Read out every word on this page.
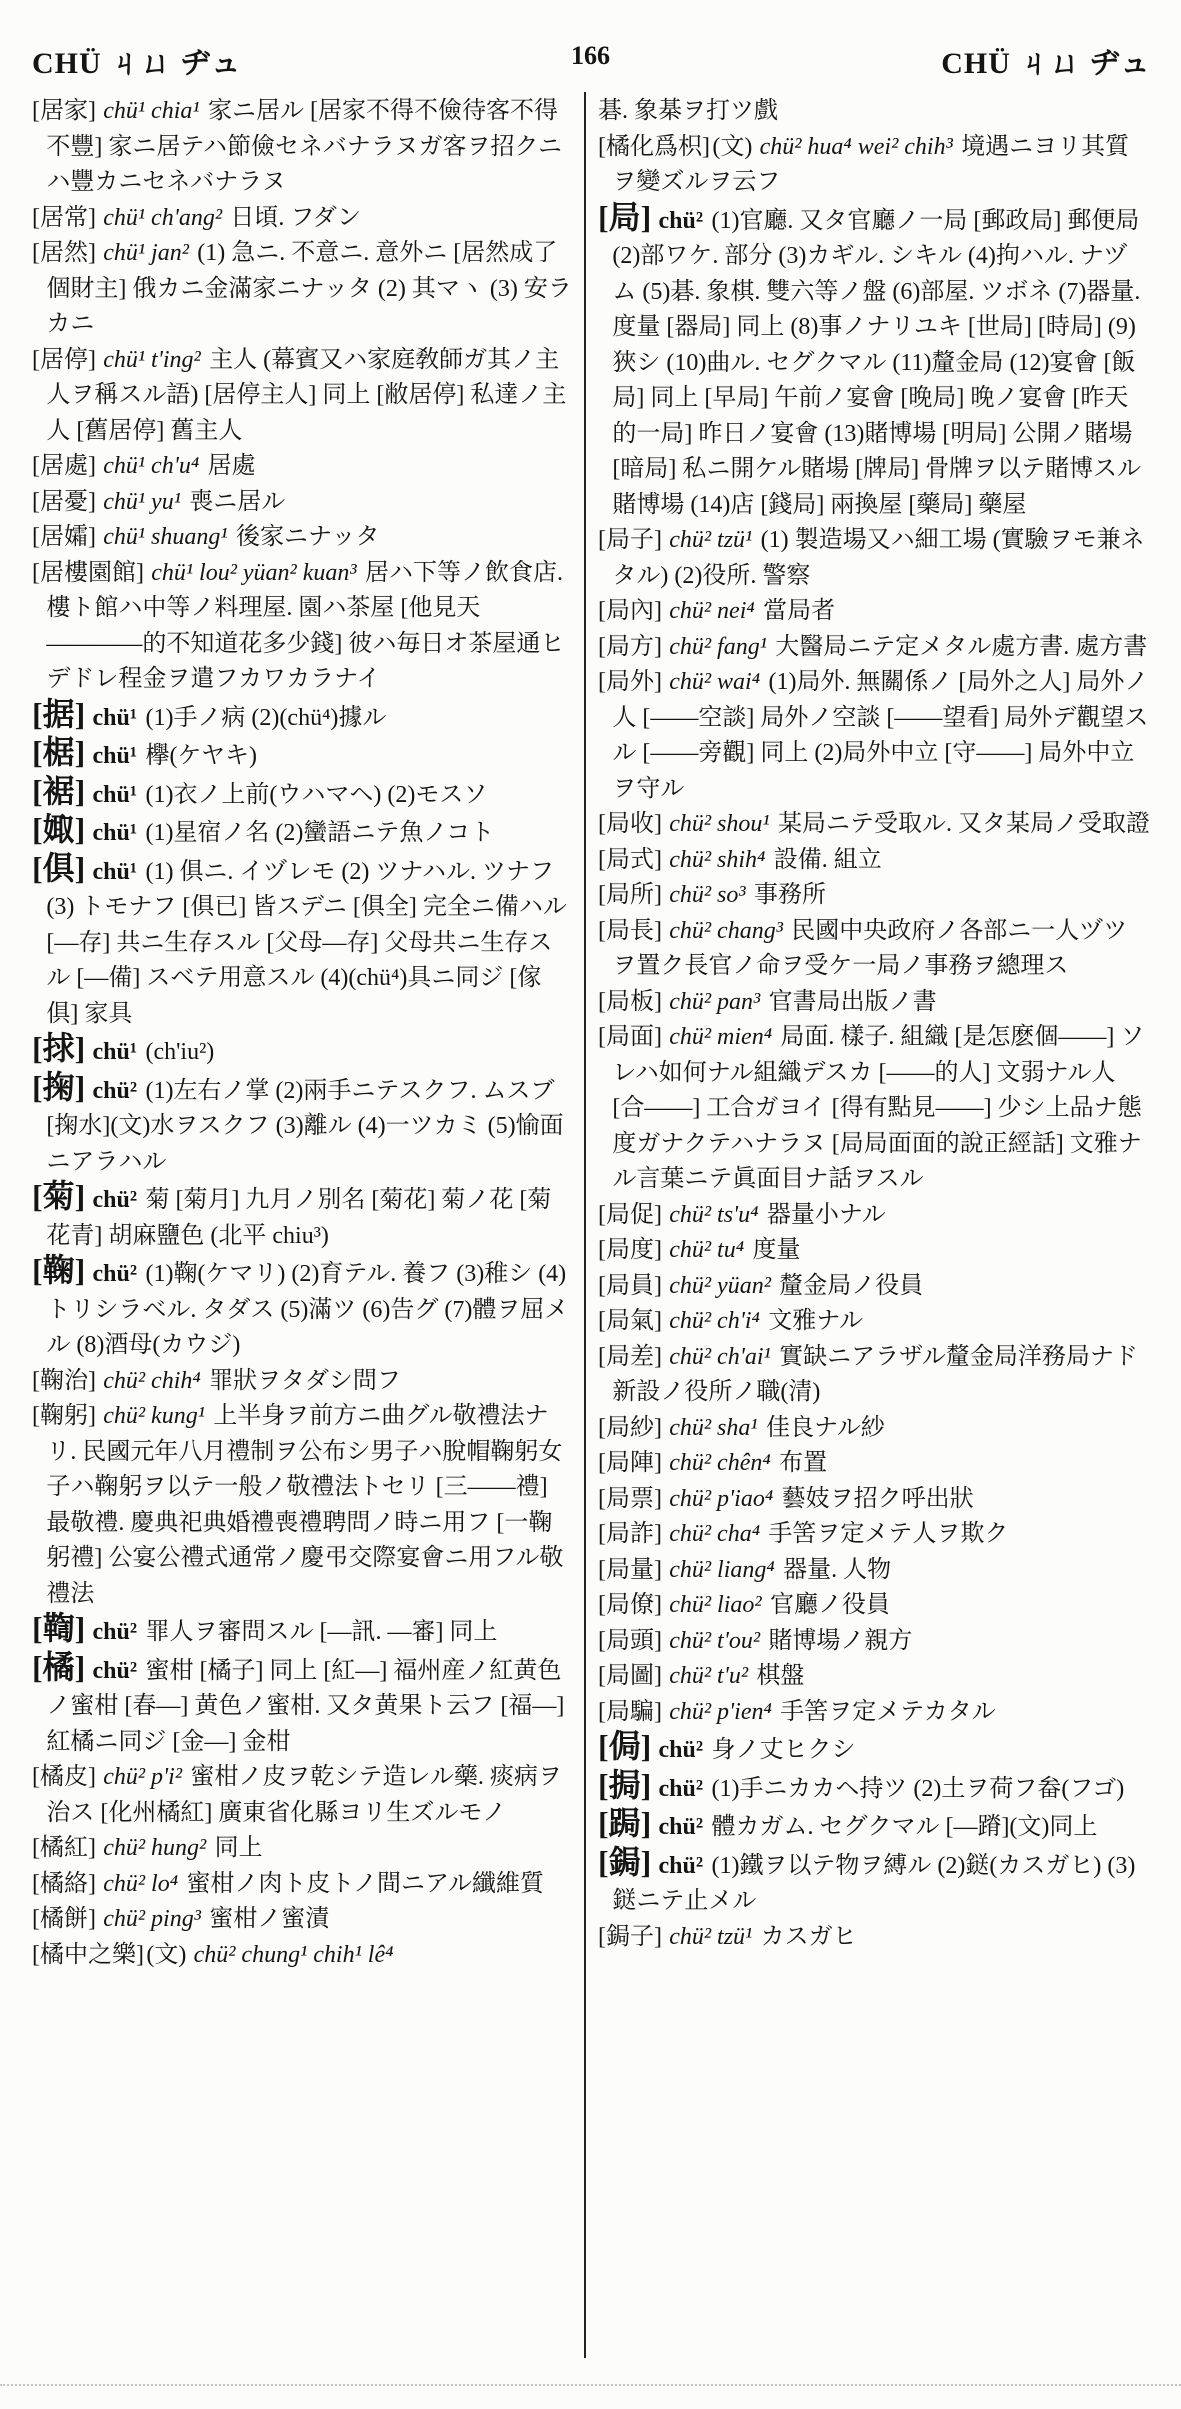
CHÜ ㄐㄩ ヂュ	166	CHÜ ㄐㄩ ヂュ
[ 居家 ] chü¹ chia¹ 家ニ居ル [居家不得不儉待客不得不豐] 家ニ居テハ節儉セネバナラヌガ客ヲ招クニハ豐カニセネバナラヌ
[ 居常 ] chü¹ ch'ang² 日頃. フダン
[ 居然 ] chü¹ jan² (1) 急ニ. 不意ニ. 意外ニ [居然成了個財主] 俄カニ金滿家ニナッタ (2) 其マヽ (3) 安ラカニ
[ 居停 ] chü¹ t'ing² 主人 (幕賓又ハ家庭敎師ガ其ノ主人ヲ稱スル語) [居停主人] 同上 [敝居停] 私達ノ主人 [舊居停] 舊主人
[ 居處 ] chü¹ ch'u⁴ 居處
[ 居憂 ] chü¹ yu¹ 喪ニ居ル
[ 居孀 ] chü¹ shuang¹ 後家ニナッタ
[ 居樓園館 ] chü¹ lou² yüan² kuan³ 居ハ下等ノ飲食店. 樓ト館ハ中等ノ料理屋. 園ハ茶屋 [他見天————的不知道花多少錢] 彼ハ毎日オ茶屋通ヒデドレ程金ヲ遣フカワカラナイ
[ 据 ] chü¹ (1)手ノ病 (2)(chü⁴)據ル
[ 椐 ] chü¹ 欅(ケヤキ)
[ 裾 ] chü¹ (1)衣ノ上前(ウハマヘ) (2)モスソ
[ 娵 ] chü¹ (1)星宿ノ名 (2)蠻語ニテ魚ノコト
[ 俱 ] chü¹ (1) 俱ニ. イヅレモ (2) ツナハル. ツナフ (3) トモナフ [俱已] 皆スデニ [俱全] 完全ニ備ハル [—存] 共ニ生存スル [父母—存] 父母共ニ生存スル [—備] スベテ用意スル (4)(chü⁴)具ニ同ジ [傢俱] 家具
[ 捄 ] chü¹ (ch'iu²)
[ 掬 ] chü² (1)左右ノ掌 (2)兩手ニテスクフ. ムスブ [掬水](文)水ヲスクフ (3)離ル (4)一ツカミ (5)愉面ニアラハル
[ 菊 ] chü² 菊 [菊月] 九月ノ別名 [菊花] 菊ノ花 [菊花青] 胡麻鹽色 (北平 chiu³)
[ 鞠 ] chü² (1)鞠(ケマリ) (2)育テル. 養フ (3)稚シ (4)トリシラベル. タダス (5)滿ツ (6)告グ (7)體ヲ屈メル (8)酒母(カウジ)
[ 鞠治 ] chü² chih⁴ 罪狀ヲタダシ問フ
[ 鞠躬 ] chü² kung¹ 上半身ヲ前方ニ曲グル敬禮法ナリ. 民國元年八月禮制ヲ公布シ男子ハ脫帽鞠躬女子ハ鞠躬ヲ以テ一般ノ敬禮法トセリ [三——禮] 最敬禮. 慶典祀典婚禮喪禮聘問ノ時ニ用フ [一鞠躬禮] 公宴公禮式通常ノ慶弔交際宴會ニ用フル敬禮法
[ 鞫 ] chü² 罪人ヲ審問スル [—訊. —審] 同上
[ 橘 ] chü² 蜜柑 [橘子] 同上 [紅—] 福州産ノ紅黄色ノ蜜柑 [春—] 黄色ノ蜜柑. 又タ黄果ト云フ [福—] 紅橘ニ同ジ [金—] 金柑
[ 橘皮 ] chü² p'i² 蜜柑ノ皮ヲ乾シテ造レル藥. 痰病ヲ治ス [化州橘紅] 廣東省化縣ヨリ生ズルモノ
[ 橘紅 ] chü² hung² 同上
[ 橘絡 ] chü² lo⁴ 蜜柑ノ肉ト皮トノ間ニアル纖維質
[ 橘餅 ] chü² ping³ 蜜柑ノ蜜漬
[ 橘中之樂 ] (文) chü² chung¹ chih¹ lê⁴
碁. 象棊ヲ打ツ戲
[ 橘化爲枳 ] (文) chü² hua⁴ wei² chih³ 境遇ニヨリ其質ヲ變ズルヲ云フ
[ 局 ] chü² (1)官廳. 又タ官廳ノ一局 [郵政局] 郵便局 (2)部ワケ. 部分 (3)カギル. シキル (4)拘ハル. ナヅム (5)碁. 象棋. 雙六等ノ盤 (6)部屋. ツボネ (7)器量. 度量 [器局] 同上 (8)事ノナリユキ [世局] [時局] (9)狹シ (10)曲ル. セグクマル (11)釐金局 (12)宴會 [飯局] 同上 [早局] 午前ノ宴會 [晚局] 晚ノ宴會 [昨天的一局] 昨日ノ宴會 (13)賭博場 [明局] 公開ノ賭場 [暗局] 私ニ開ケル賭場 [牌局] 骨牌ヲ以テ賭博スル賭博場 (14)店 [錢局] 兩換屋 [藥局] 藥屋
[ 局子 ] chü² tzü¹ (1) 製造場又ハ細工場 (實驗ヲモ兼ネタル) (2)役所. 警察
[ 局內 ] chü² nei⁴ 當局者
[ 局方 ] chü² fang¹ 大醫局ニテ定メタル處方書. 處方書
[ 局外 ] chü² wai⁴ (1)局外. 無關係ノ [局外之人] 局外ノ人 [——空談] 局外ノ空談 [——望看] 局外デ觀望スル [——旁觀] 同上 (2)局外中立 [守——] 局外中立ヲ守ル
[ 局收 ] chü² shou¹ 某局ニテ受取ル. 又タ某局ノ受取證
[ 局式 ] chü² shih⁴ 設備. 組立
[ 局所 ] chü² so³ 事務所
[ 局長 ] chü² chang³ 民國中央政府ノ各部ニ一人ヅツヲ置ク長官ノ命ヲ受ケ一局ノ事務ヲ總理ス
[ 局板 ] chü² pan³ 官書局出版ノ書
[ 局面 ] chü² mien⁴ 局面. 樣子. 組織 [是怎麽個——] ソレハ如何ナル組織デスカ [——的人] 文弱ナル人 [合——] 工合ガヨイ [得有點見——] 少シ上品ナ態度ガナクテハナラヌ [局局面面的說正經話] 文雅ナル言葉ニテ眞面目ナ話ヲスル
[ 局促 ] chü² ts'u⁴ 器量小ナル
[ 局度 ] chü² tu⁴ 度量
[ 局員 ] chü² yüan² 釐金局ノ役員
[ 局氣 ] chü² ch'i⁴ 文雅ナル
[ 局差 ] chü² ch'ai¹ 實缺ニアラザル釐金局洋務局ナド新設ノ役所ノ職(清)
[ 局紗 ] chü² sha¹ 佳良ナル紗
[ 局陣 ] chü² chên⁴ 布置
[ 局票 ] chü² p'iao⁴ 藝妓ヲ招ク呼出狀
[ 局詐 ] chü² cha⁴ 手筈ヲ定メテ人ヲ欺ク
[ 局量 ] chü² liang⁴ 器量. 人物
[ 局僚 ] chü² liao² 官廳ノ役員
[ 局頭 ] chü² t'ou² 賭博場ノ親方
[ 局圖 ] chü² t'u² 棋盤
[ 局騙 ] chü² p'ien⁴ 手筈ヲ定メテカタル
[ 侷 ] chü² 身ノ丈ヒクシ
[ 挶 ] chü² (1)手ニカカヘ持ツ (2)土ヲ荷フ畚(フゴ)
[ 跼 ] chü² 體カガム. セグクマル [—蹐](文)同上
[ 鋦 ] chü² (1)鐵ヲ以テ物ヲ縛ル (2)鎹(カスガヒ) (3)鎹ニテ止メル
[ 鋦子 ] chü² tzü¹ カスガヒ
